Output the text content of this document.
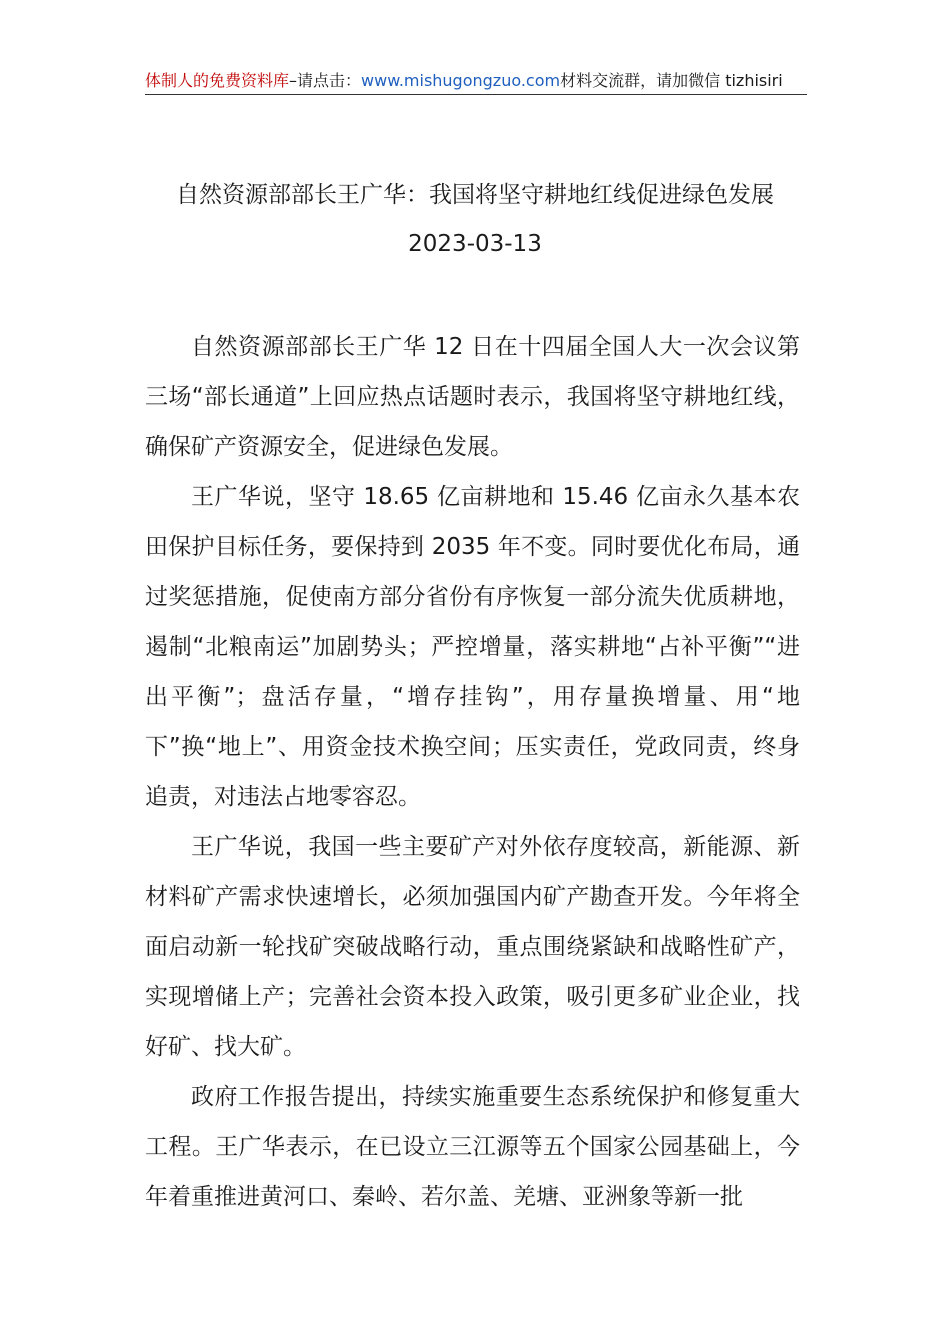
体制人的免费资料库–请点击：www.mishugongzuo.com材料交流群，请加微信 tizhisiri
自然资源部部长王广华：我国将坚守耕地红线促进绿色发展
2023-03-13

自然资源部部长王广华 12 日在十四届全国人大一次会议第三场“部长通道”上回应热点话题时表示，我国将坚守耕地红线，确保矿产资源安全，促进绿色发展。

王广华说，坚守 18.65 亿亩耕地和 15.46 亿亩永久基本农田保护目标任务，要保持到 2035 年不变。同时要优化布局，通过奖惩措施，促使南方部分省份有序恢复一部分流失优质耕地，遏制“北粮南运”加剧势头；严控增量，落实耕地“占补平衡”“进出平衡”；盘活存量，“增存挂钩”，用存量换增量、用“地下”换“地上”、用资金技术换空间；压实责任，党政同责，终身追责，对违法占地零容忍。

王广华说，我国一些主要矿产对外依存度较高，新能源、新材料矿产需求快速增长，必须加强国内矿产勘查开发。今年将全面启动新一轮找矿突破战略行动，重点围绕紧缺和战略性矿产，实现增储上产；完善社会资本投入政策，吸引更多矿业企业，找好矿、找大矿。

政府工作报告提出，持续实施重要生态系统保护和修复重大工程。王广华表示，在已设立三江源等五个国家公园基础上，今年着重推进黄河口、秦岭、若尔盖、羌塘、亚洲象等新一批
